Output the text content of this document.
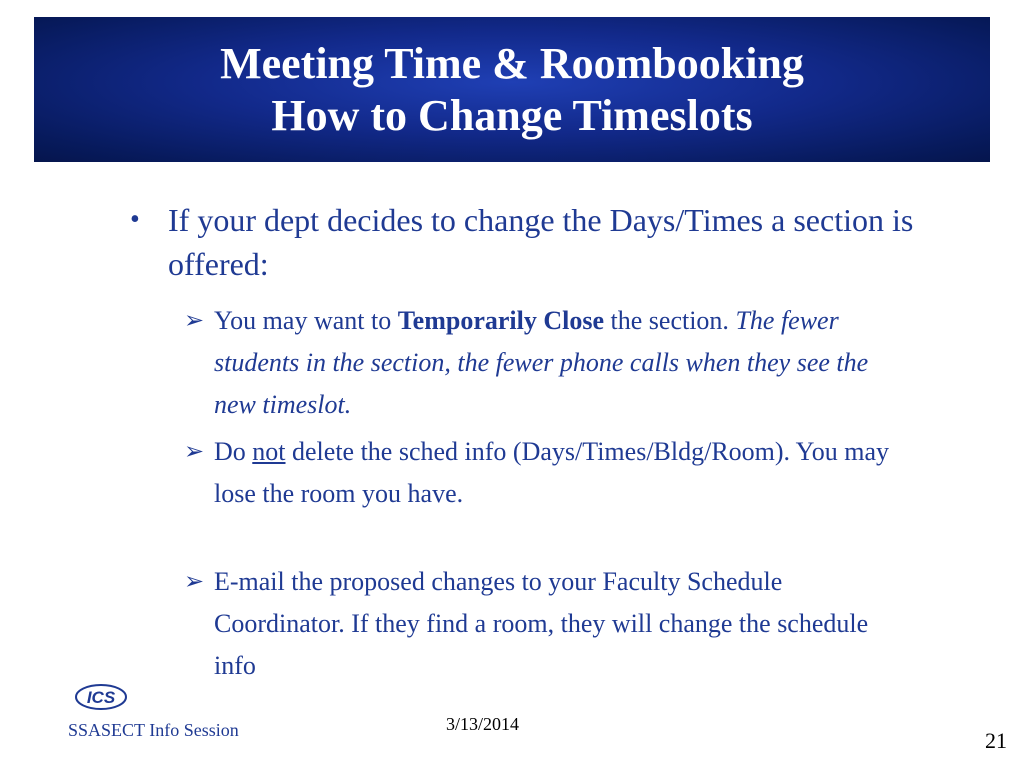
Meeting Time & Roombooking
How to Change Timeslots
• If your dept decides to change the Days/Times a section is offered:
➢ You may want to Temporarily Close the section. The fewer students in the section, the fewer phone calls when they see the new timeslot.
➢ Do not delete the sched info (Days/Times/Bldg/Room). You may lose the room you have.
➢ E-mail the proposed changes to your Faculty Schedule Coordinator. If they find a room, they will change the schedule info
ICS
SSASECT Info Session	3/13/2014
21
